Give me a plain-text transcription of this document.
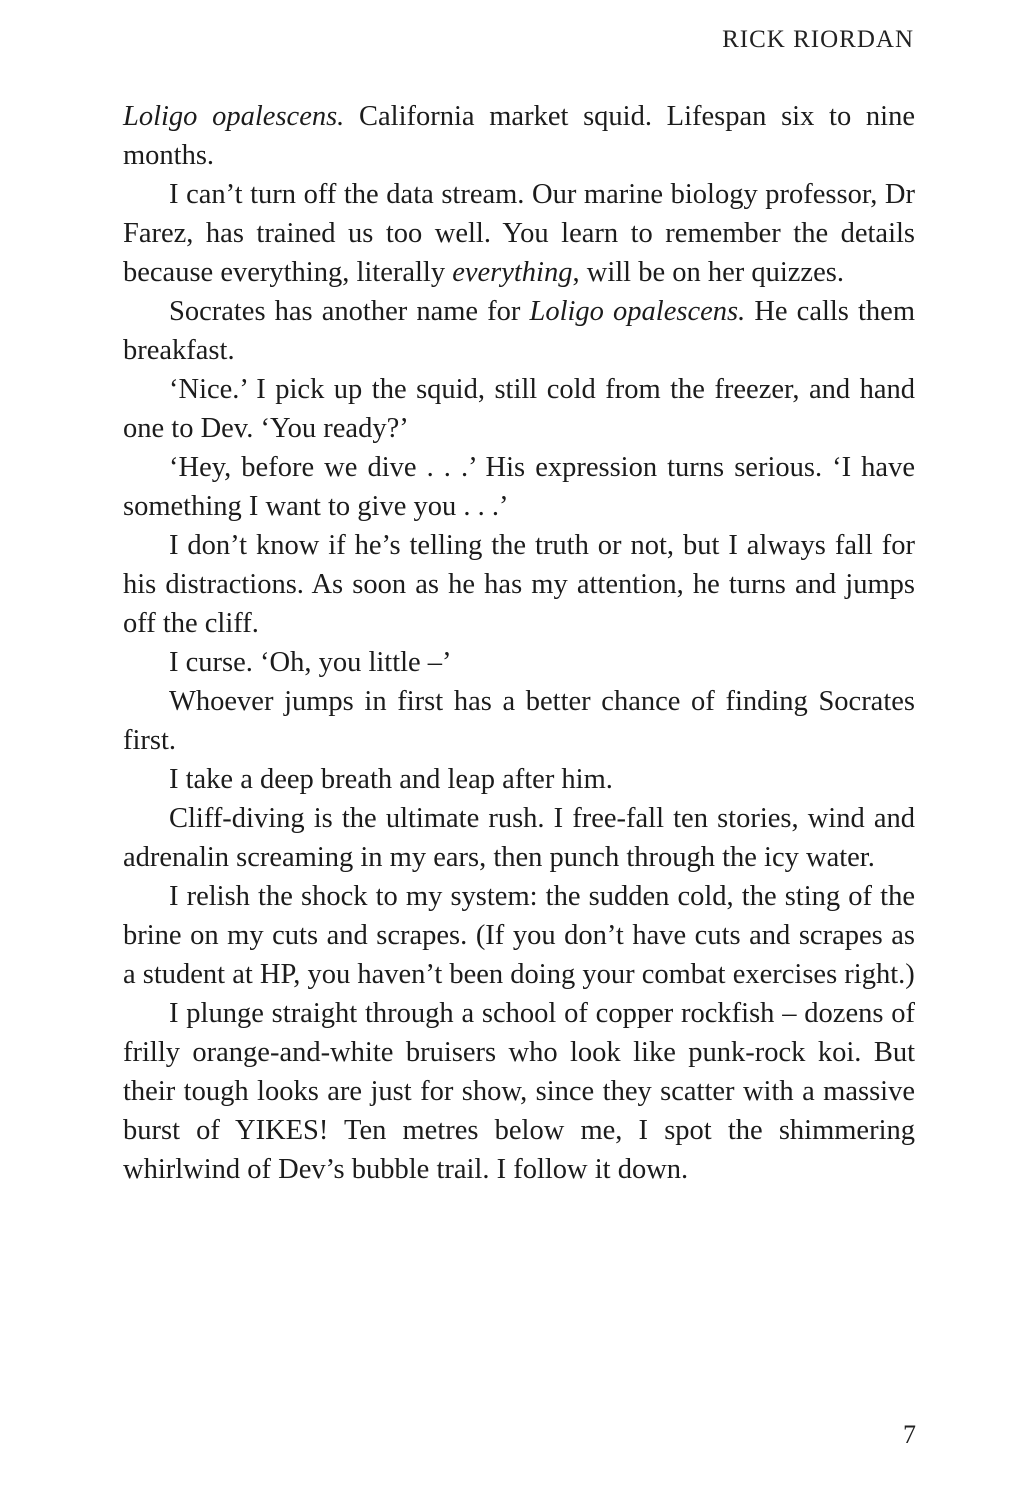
RICK RIORDAN

Loligo opalescens. California market squid. Lifespan six to nine months.

I can’t turn off the data stream. Our marine biology professor, Dr Farez, has trained us too well. You learn to remember the details because everything, literally everything, will be on her quizzes.

Socrates has another name for Loligo opalescens. He calls them breakfast.

‘Nice.’ I pick up the squid, still cold from the freezer, and hand one to Dev. ‘You ready?’

‘Hey, before we dive . . .’ His expression turns serious. ‘I have something I want to give you . . .’

I don’t know if he’s telling the truth or not, but I always fall for his distractions. As soon as he has my attention, he turns and jumps off the cliff.

I curse. ‘Oh, you little –’

Whoever jumps in first has a better chance of finding Socrates first.

I take a deep breath and leap after him.

Cliff-diving is the ultimate rush. I free-fall ten stories, wind and adrenalin screaming in my ears, then punch through the icy water.

I relish the shock to my system: the sudden cold, the sting of the brine on my cuts and scrapes. (If you don’t have cuts and scrapes as a student at HP, you haven’t been doing your combat exercises right.)

I plunge straight through a school of copper rockfish – dozens of frilly orange-and-white bruisers who look like punk-rock koi. But their tough looks are just for show, since they scatter with a massive burst of YIKES! Ten metres below me, I spot the shimmering whirlwind of Dev’s bubble trail. I follow it down.

7
